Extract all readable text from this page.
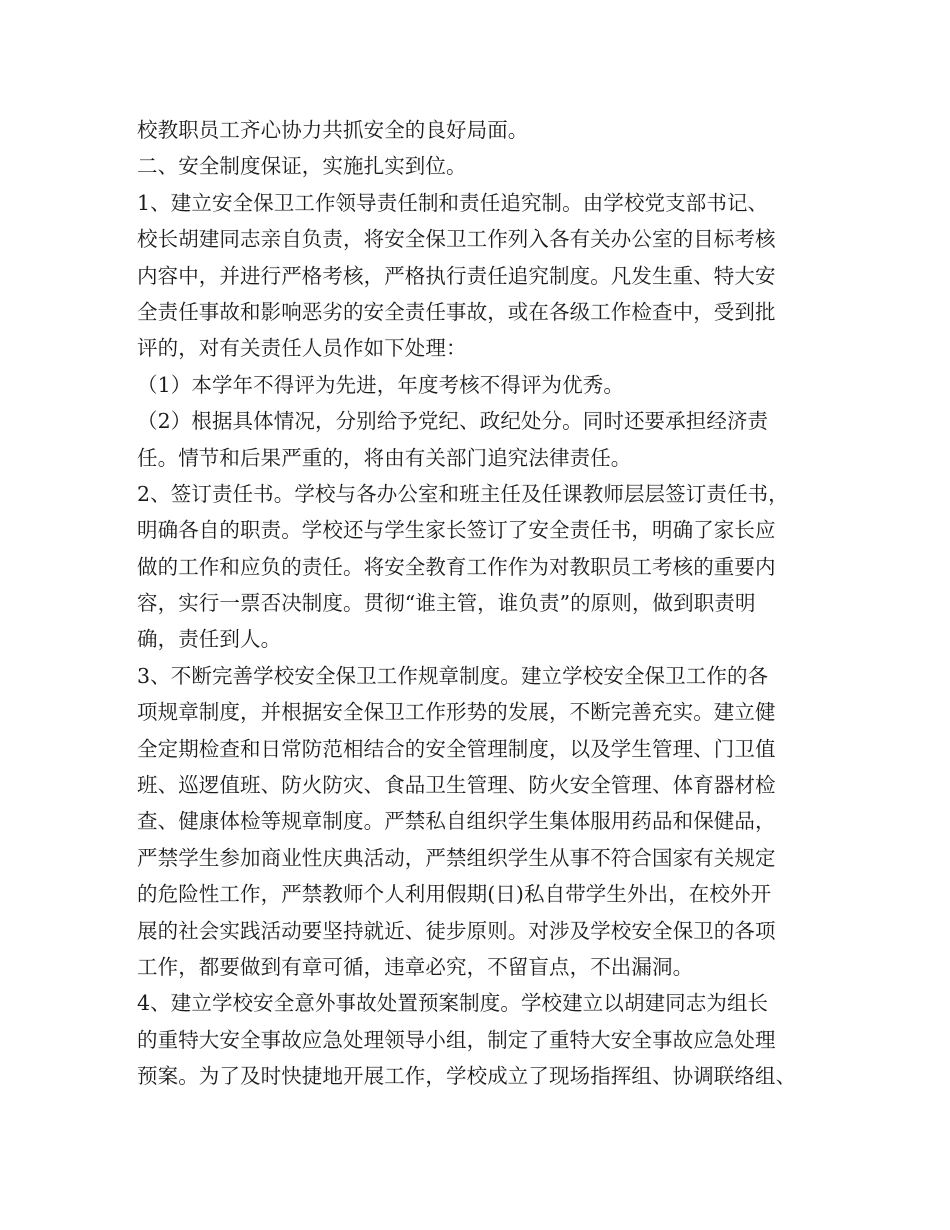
校教职员工齐心协力共抓安全的良好局面。
二、安全制度保证，实施扎实到位。
1、建立安全保卫工作领导责任制和责任追究制。由学校党支部书记、
校长胡建同志亲自负责，将安全保卫工作列入各有关办公室的目标考核
内容中，并进行严格考核，严格执行责任追究制度。凡发生重、特大安
全责任事故和影响恶劣的安全责任事故，或在各级工作检查中，受到批
评的，对有关责任人员作如下处理：
（1）本学年不得评为先进，年度考核不得评为优秀。
（2）根据具体情况，分别给予党纪、政纪处分。同时还要承担经济责
任。情节和后果严重的，将由有关部门追究法律责任。
2、签订责任书。学校与各办公室和班主任及任课教师层层签订责任书，
明确各自的职责。学校还与学生家长签订了安全责任书，明确了家长应
做的工作和应负的责任。将安全教育工作作为对教职员工考核的重要内
容，实行一票否决制度。贯彻“谁主管，谁负责”的原则，做到职责明
确，责任到人。
3、不断完善学校安全保卫工作规章制度。建立学校安全保卫工作的各
项规章制度，并根据安全保卫工作形势的发展，不断完善充实。建立健
全定期检查和日常防范相结合的安全管理制度，以及学生管理、门卫值
班、巡逻值班、防火防灾、食品卫生管理、防火安全管理、体育器材检
查、健康体检等规章制度。严禁私自组织学生集体服用药品和保健品，
严禁学生参加商业性庆典活动，严禁组织学生从事不符合国家有关规定
的危险性工作，严禁教师个人利用假期(日)私自带学生外出，在校外开
展的社会实践活动要坚持就近、徒步原则。对涉及学校安全保卫的各项
工作，都要做到有章可循，违章必究，不留盲点，不出漏洞。
4、建立学校安全意外事故处置预案制度。学校建立以胡建同志为组长
的重特大安全事故应急处理领导小组，制定了重特大安全事故应急处理
预案。为了及时快捷地开展工作，学校成立了现场指挥组、协调联络组、
